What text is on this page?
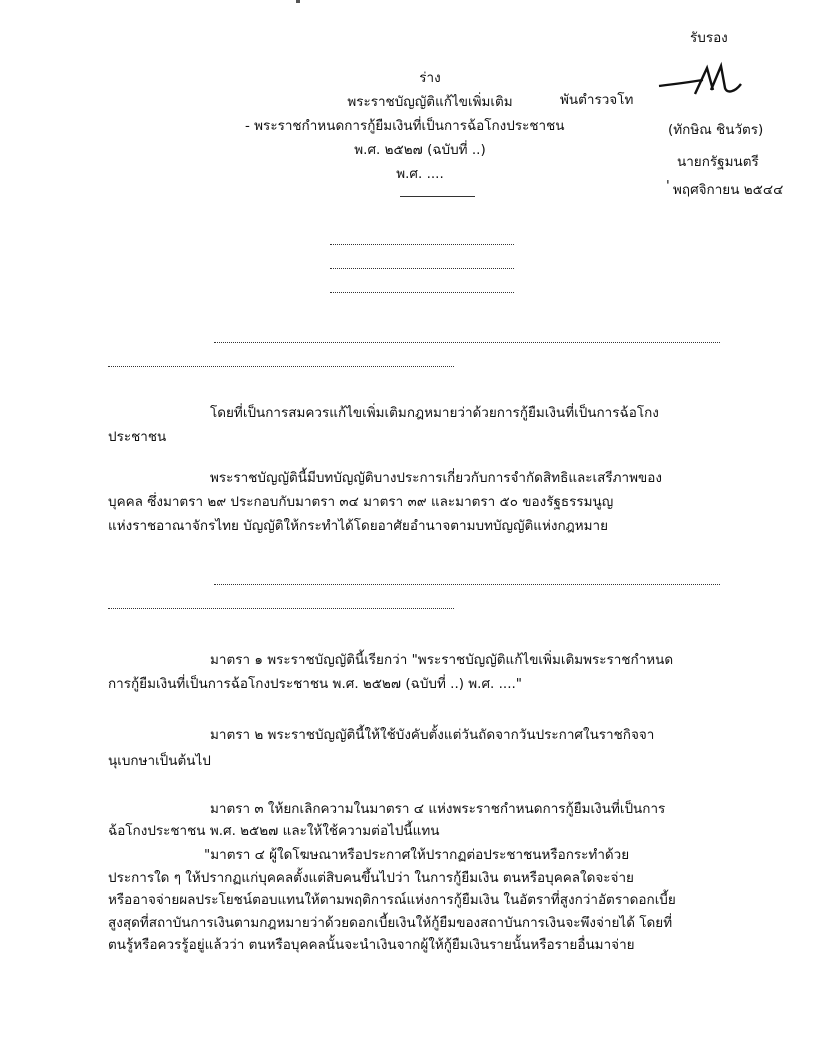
รับรอง
พันตำรวจโท
(ทักษิณ ชินวัตร)
นายกรัฐมนตรี
พฤศจิกายน ๒๕๔๔
'
ร่าง
พระราชบัญญัติแก้ไขเพิ่มเติม
- พระราชกำหนดการกู้ยืมเงินที่เป็นการฉ้อโกงประชาชน
พ.ศ. ๒๕๒๗ (ฉบับที่ ..)
พ.ศ. ....
โดยที่เป็นการสมควรแก้ไขเพิ่มเติมกฎหมายว่าด้วยการกู้ยืมเงินที่เป็นการฉ้อโกง
ประชาชน
พระราชบัญญัตินี้มีบทบัญญัติบางประการเกี่ยวกับการจำกัดสิทธิและเสรีภาพของ
บุคคล ซึ่งมาตรา ๒๙ ประกอบกับมาตรา ๓๔ มาตรา ๓๙ และมาตรา ๕๐ ของรัฐธรรมนูญ
แห่งราชอาณาจักรไทย บัญญัติให้กระทำได้โดยอาศัยอำนาจตามบทบัญญัติแห่งกฎหมาย
มาตรา ๑ พระราชบัญญัตินี้เรียกว่า "พระราชบัญญัติแก้ไขเพิ่มเติมพระราชกำหนด
การกู้ยืมเงินที่เป็นการฉ้อโกงประชาชน พ.ศ. ๒๕๒๗ (ฉบับที่ ..) พ.ศ. ...."
มาตรา ๒ พระราชบัญญัตินี้ให้ใช้บังคับตั้งแต่วันถัดจากวันประกาศในราชกิจจา
นุเบกษาเป็นต้นไป
มาตรา ๓ ให้ยกเลิกความในมาตรา ๔ แห่งพระราชกำหนดการกู้ยืมเงินที่เป็นการ
ฉ้อโกงประชาชน พ.ศ. ๒๕๒๗ และให้ใช้ความต่อไปนี้แทน
"มาตรา ๔ ผู้ใดโฆษณาหรือประกาศให้ปรากฏต่อประชาชนหรือกระทำด้วย
ประการใด ๆ ให้ปรากฏแก่บุคคลตั้งแต่สิบคนขึ้นไปว่า ในการกู้ยืมเงิน ตนหรือบุคคลใดจะจ่าย
หรืออาจจ่ายผลประโยชน์ตอบแทนให้ตามพฤติการณ์แห่งการกู้ยืมเงิน ในอัตราที่สูงกว่าอัตราดอกเบี้ย
สูงสุดที่สถาบันการเงินตามกฎหมายว่าด้วยดอกเบี้ยเงินให้กู้ยืมของสถาบันการเงินจะพึงจ่ายได้ โดยที่
ตนรู้หรือควรรู้อยู่แล้วว่า ตนหรือบุคคลนั้นจะนำเงินจากผู้ให้กู้ยืมเงินรายนั้นหรือรายอื่นมาจ่าย
